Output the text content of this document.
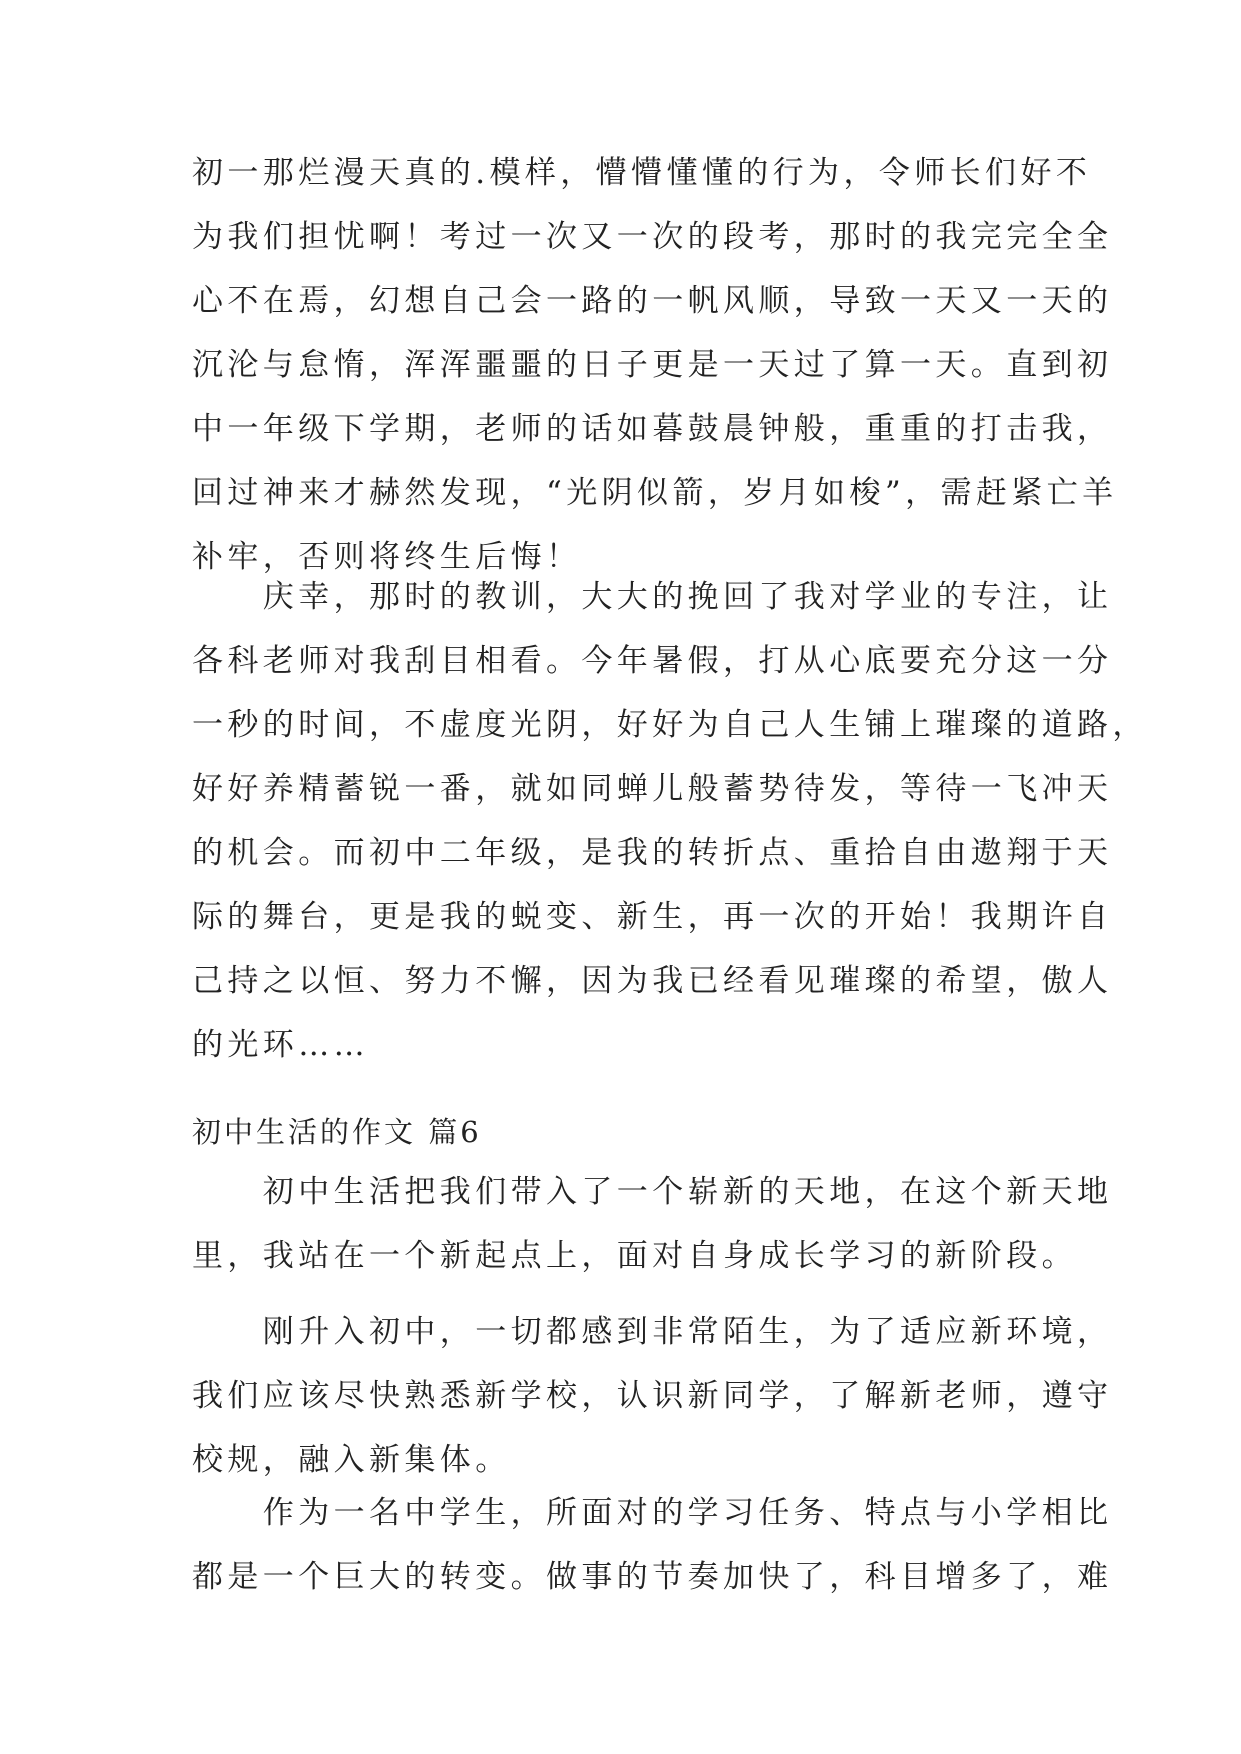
初一那烂漫天真的.模样，懵懵懂懂的行为，令师长们好不
为我们担忧啊！考过一次又一次的段考，那时的我完完全全
心不在焉，幻想自己会一路的一帆风顺，导致一天又一天的
沉沦与怠惰，浑浑噩噩的日子更是一天过了算一天。直到初
中一年级下学期，老师的话如暮鼓晨钟般，重重的打击我，
回过神来才赫然发现，“光阴似箭，岁月如梭”，需赶紧亡羊
补牢，否则将终生后悔！
　　庆幸，那时的教训，大大的挽回了我对学业的专注，让
各科老师对我刮目相看。今年暑假，打从心底要充分这一分
一秒的时间，不虚度光阴，好好为自己人生铺上璀璨的道路，
好好养精蓄锐一番，就如同蝉儿般蓄势待发，等待一飞冲天
的机会。而初中二年级，是我的转折点、重拾自由遨翔于天
际的舞台，更是我的蜕变、新生，再一次的开始！我期许自
己持之以恒、努力不懈，因为我已经看见璀璨的希望，傲人
的光环……
初中生活的作文 篇6
　　初中生活把我们带入了一个崭新的天地，在这个新天地
里，我站在一个新起点上，面对自身成长学习的新阶段。
　　刚升入初中，一切都感到非常陌生，为了适应新环境，
我们应该尽快熟悉新学校，认识新同学，了解新老师，遵守
校规，融入新集体。
　　作为一名中学生，所面对的学习任务、特点与小学相比
都是一个巨大的转变。做事的节奏加快了，科目增多了，难
